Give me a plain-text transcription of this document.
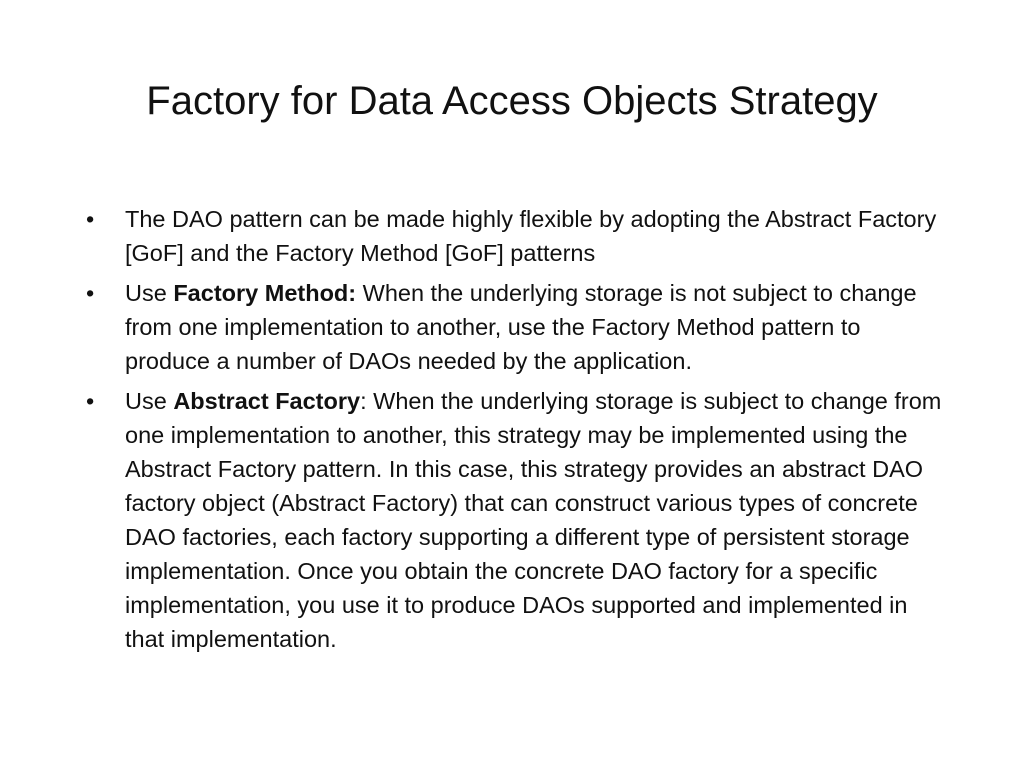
Factory for Data Access Objects Strategy
•	The DAO pattern can be made highly flexible by adopting the Abstract Factory [GoF] and the Factory Method [GoF] patterns
•	Use Factory Method: When the underlying storage is not subject to change from one implementation to another, use the Factory Method pattern to produce a number of DAOs needed by the application.
•	Use Abstract Factory: When the underlying storage is subject to change from one implementation to another, this strategy may be implemented using the Abstract Factory pattern. In this case, this strategy provides an abstract DAO factory object (Abstract Factory) that can construct various types of concrete DAO factories, each factory supporting a different type of persistent storage implementation. Once you obtain the concrete DAO factory for a specific implementation, you use it to produce DAOs supported and implemented in that implementation.
